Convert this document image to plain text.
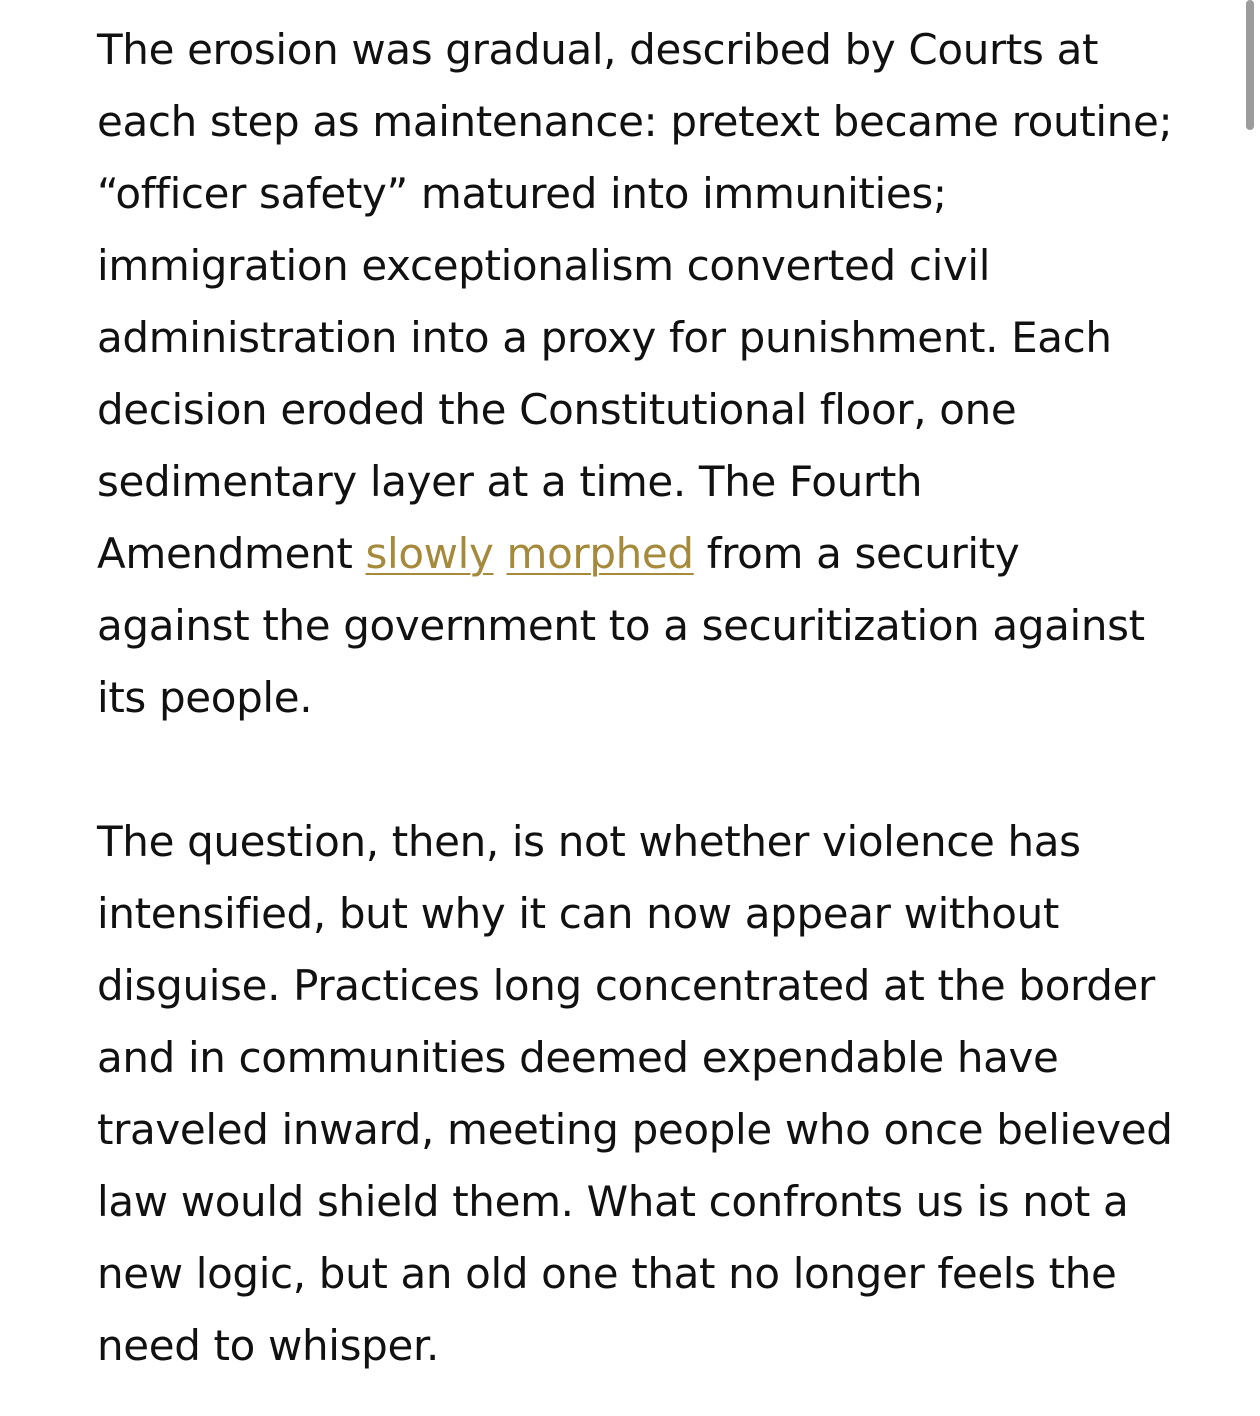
The erosion was gradual, described by Courts at each step as maintenance: pretext became routine; “officer safety” matured into immunities; immigration exceptionalism converted civil administration into a proxy for punishment. Each decision eroded the Constitutional floor, one sedimentary layer at a time. The Fourth Amendment slowly morphed from a security against the government to a securitization against its people.

The question, then, is not whether violence has intensified, but why it can now appear without disguise. Practices long concentrated at the border and in communities deemed expendable have traveled inward, meeting people who once believed law would shield them. What confronts us is not a new logic, but an old one that no longer feels the need to whisper.
